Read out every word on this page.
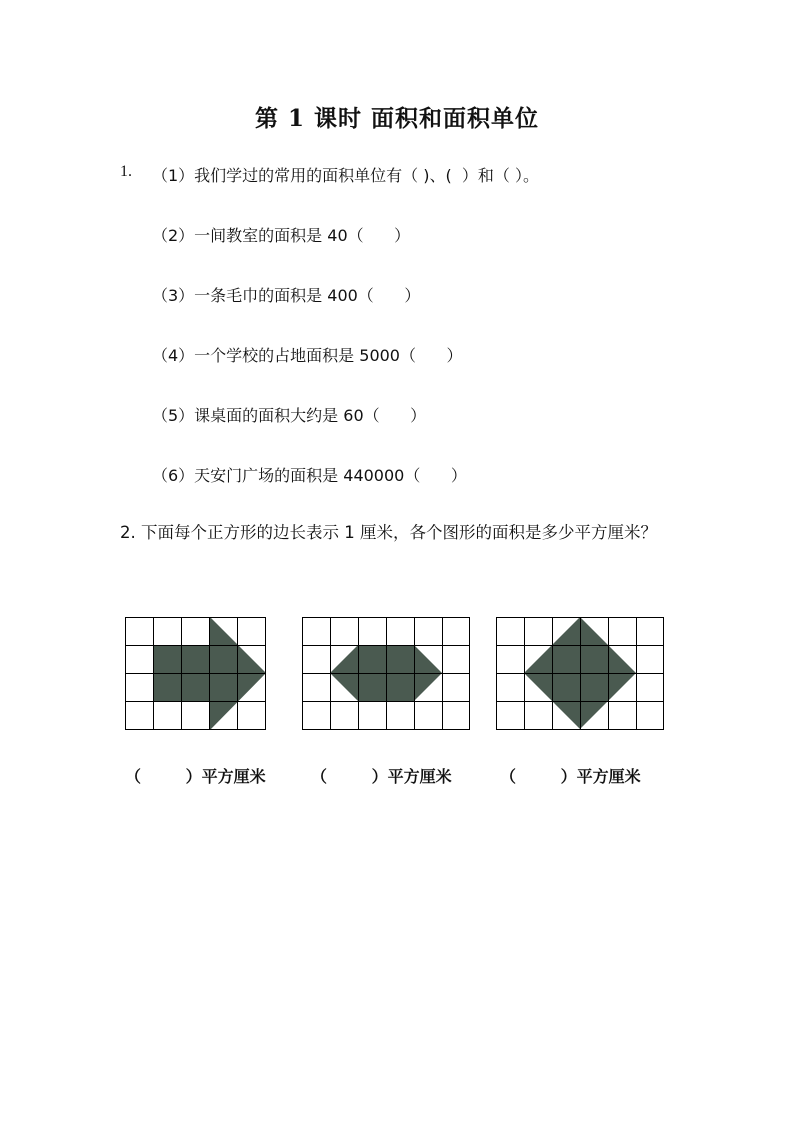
第 1 课时 面积和面积单位
1. （1）我们学过的常用的面积单位有（ )、(  ）和（ ）。
（2）一间教室的面积是 40（      ）
（3）一条毛巾的面积是 400（      ）
（4）一个学校的占地面积是 5000（      ）
（5）课桌面的面积大约是 60（      ）
（6）天安门广场的面积是 440000（      ）
2. 下面每个正方形的边长表示 1 厘米，各个图形的面积是多少平方厘米？
（        ）平方厘米	（        ）平方厘米	（        ）平方厘米
